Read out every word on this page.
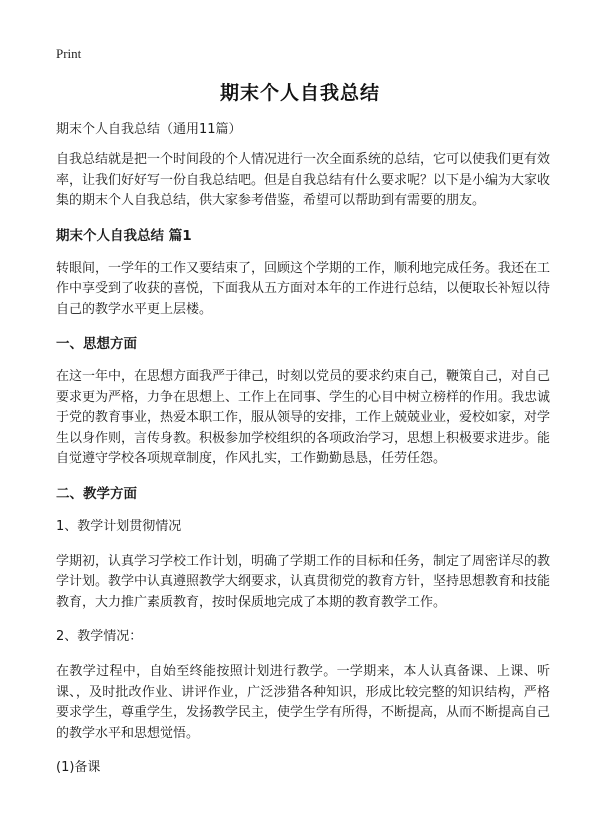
Print
期末个人自我总结
期末个人自我总结（通用11篇）

自我总结就是把一个时间段的个人情况进行一次全面系统的总结，它可以使我们更有效率，让我们好好写一份自我总结吧。但是自我总结有什么要求呢？以下是小编为大家收集的期末个人自我总结，供大家参考借鉴，希望可以帮助到有需要的朋友。

期末个人自我总结 篇1

转眼间，一学年的工作又要结束了，回顾这个学期的工作，顺利地完成任务。我还在工作中享受到了收获的喜悦，下面我从五方面对本年的工作进行总结，以便取长补短以待自己的教学水平更上层楼。

一、思想方面

在这一年中，在思想方面我严于律己，时刻以党员的要求约束自己，鞭策自己，对自己要求更为严格，力争在思想上、工作上在同事、学生的心目中树立榜样的作用。我忠诚于党的教育事业，热爱本职工作，服从领导的安排，工作上兢兢业业，爱校如家，对学生以身作则，言传身教。积极参加学校组织的各项政治学习，思想上积极要求进步。能自觉遵守学校各项规章制度，作风扎实，工作勤勤恳恳，任劳任怨。

二、教学方面
1、教学计划贯彻情况

学期初，认真学习学校工作计划，明确了学期工作的目标和任务，制定了周密详尽的教学计划。教学中认真遵照教学大纲要求，认真贯彻党的教育方针，坚持思想教育和技能教育，大力推广素质教育，按时保质地完成了本期的教育教学工作。

2、教学情况：

在教学过程中，自始至终能按照计划进行教学。一学期来，本人认真备课、上课、听课、，及时批改作业、讲评作业，广泛涉猎各种知识，形成比较完整的知识结构，严格要求学生，尊重学生，发扬教学民主，使学生学有所得，不断提高，从而不断提高自己的教学水平和思想觉悟。

(1)备课
